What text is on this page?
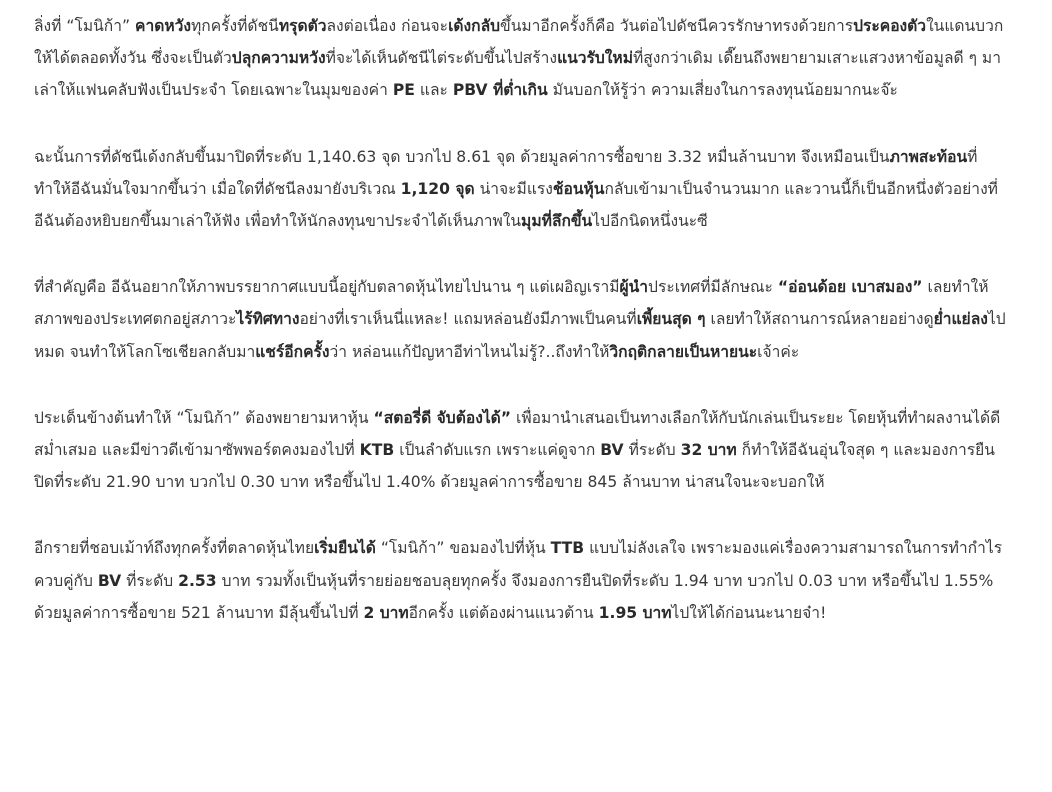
ลิ่งที่ “โมนิก้า” คาดหวังทุกครั้งที่ดัชนีทรุดตัวลงต่อเนื่อง ก่อนจะเด้งกลับขึ้นมาอีกครั้งก็คือ วันต่อไปดัชนีควรรักษาทรงด้วยการประคองตัวในแดนบวกให้ได้ตลอดทั้งวัน ซึ่งจะเป็นตัวปลุกความหวังที่จะได้เห็นดัชนีไต่ระดับขึ้นไปสร้างแนวรับใหม่ที่สูงกว่าเดิม เดี๊ยนถึงพยายามเสาะแสวงหาข้อมูลดี ๆ มาเล่าให้แฟนคลับฟังเป็นประจำ โดยเฉพาะในมุมของค่า PE และ PBV ที่ต่ำเกิน มันบอกให้รู้ว่า ความเสี่ยงในการลงทุนน้อยมากนะจ๊ะ

ฉะนั้นการที่ดัชนีเด้งกลับขึ้นมาปิดที่ระดับ 1,140.63 จุด บวกไป 8.61 จุด ด้วยมูลค่าการซื้อขาย 3.32 หมื่นล้านบาท จึงเหมือนเป็นภาพสะท้อนที่ทำให้อีฉันมั่นใจมากขึ้นว่า เมื่อใดที่ดัชนีลงมายังบริเวณ 1,120 จุด น่าจะมีแรงช้อนหุ้นกลับเข้ามาเป็นจำนวนมาก และวานนี้ก็เป็นอีกหนึ่งตัวอย่างที่อีฉันต้องหยิบยกขึ้นมาเล่าให้ฟัง เพื่อทำให้นักลงทุนขาประจำได้เห็นภาพในมุมที่ลึกขึ้นไปอีกนิดหนึ่งนะซี

ที่สำคัญคือ อีฉันอยากให้ภาพบรรยากาศแบบนี้อยู่กับตลาดหุ้นไทยไปนาน ๆ แต่เผอิญเรามีผู้นำประเทศที่มีลักษณะ “อ่อนด้อย เบาสมอง” เลยทำให้สภาพของประเทศตกอยู่สภาวะไร้ทิศทางอย่างที่เราเห็นนี่แหละ! แถมหล่อนยังมีภาพเป็นคนที่เพี้ยนสุด ๆ เลยทำให้สถานการณ์หลายอย่างดูย่ำแย่ลงไปหมด จนทำให้โลกโซเชียลกลับมาแชร์อีกครั้งว่า หล่อนแก้ปัญหาอีท่าไหนไม่รู้?..ถึงทำให้วิกฤติกลายเป็นหายนะเจ้าค่ะ

ประเด็นข้างต้นทำให้ “โมนิก้า” ต้องพยายามหาหุ้น “สตอรี่ดี จับต้องได้” เพื่อมานำเสนอเป็นทางเลือกให้กับนักเล่นเป็นระยะ โดยหุ้นที่ทำผลงานได้ดีสม่ำเสมอ และมีข่าวดีเข้ามาซัพพอร์ตคงมองไปที่ KTB เป็นลำดับแรก เพราะแค่ดูจาก BV ที่ระดับ 32 บาท ก็ทำให้อีฉันอุ่นใจสุด ๆ และมองการยืนปิดที่ระดับ 21.90 บาท บวกไป 0.30 บาท หรือขึ้นไป 1.40% ด้วยมูลค่าการซื้อขาย 845 ล้านบาท น่าสนใจนะจะบอกให้

อีกรายที่ชอบเม้าท์ถึงทุกครั้งที่ตลาดหุ้นไทยเริ่มยืนได้ “โมนิก้า” ขอมองไปที่หุ้น TTB แบบไม่ลังเลใจ เพราะมองแค่เรื่องความสามารถในการทำกำไร ควบคู่กับ BV ที่ระดับ 2.53 บาท รวมทั้งเป็นหุ้นที่รายย่อยชอบลุยทุกครั้ง จึงมองการยืนปิดที่ระดับ 1.94 บาท บวกไป 0.03 บาท หรือขึ้นไป 1.55% ด้วยมูลค่าการซื้อขาย 521 ล้านบาท มีลุ้นขึ้นไปที่ 2 บาทอีกครั้ง แต่ต้องผ่านแนวต้าน 1.95 บาทไปให้ได้ก่อนนะนายจ๋า!
